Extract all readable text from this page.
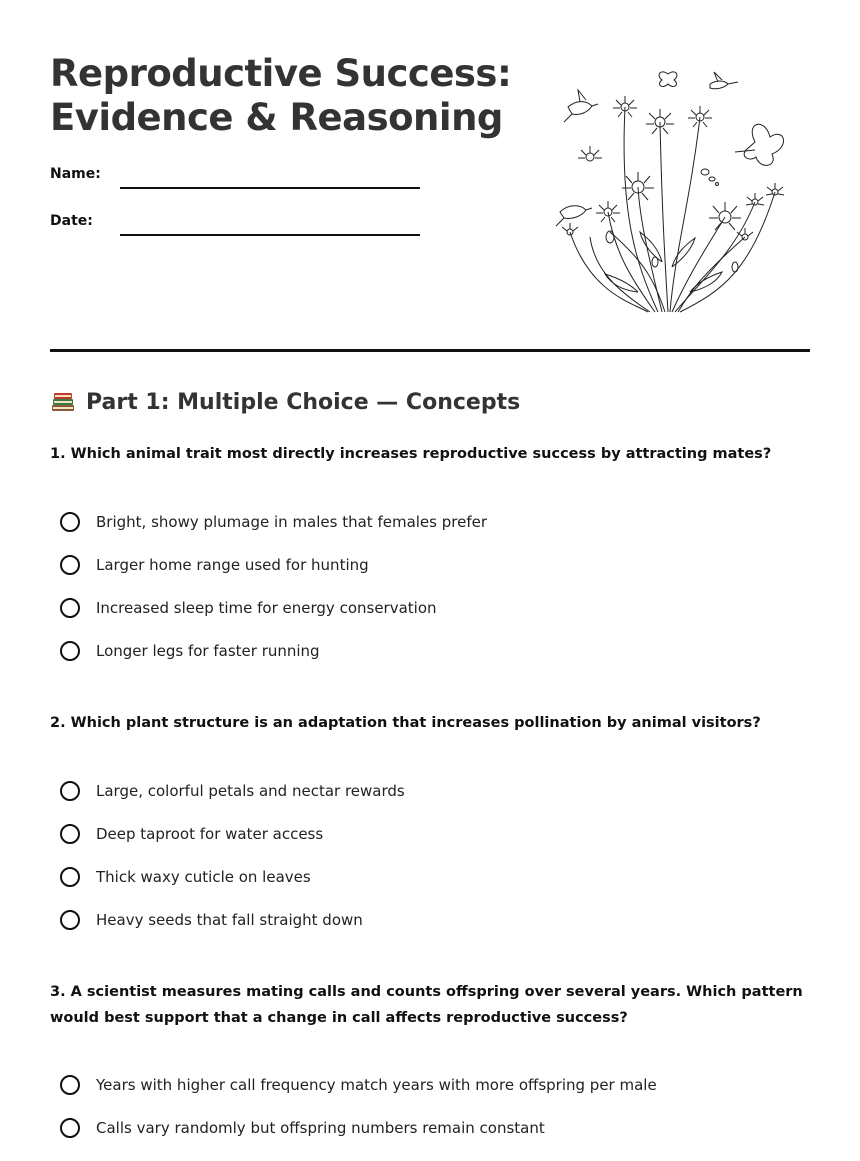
Reproductive Success:
Evidence & Reasoning
Name:
Date:
Part 1: Multiple Choice — Concepts
1. Which animal trait most directly increases reproductive success by attracting mates?
Bright, showy plumage in males that females prefer
Larger home range used for hunting
Increased sleep time for energy conservation
Longer legs for faster running
2. Which plant structure is an adaptation that increases pollination by animal visitors?
Large, colorful petals and nectar rewards
Deep taproot for water access
Thick waxy cuticle on leaves
Heavy seeds that fall straight down
3. A scientist measures mating calls and counts offspring over several years. Which pattern would best support that a change in call affects reproductive success?
Years with higher call frequency match years with more offspring per male
Calls vary randomly but offspring numbers remain constant
